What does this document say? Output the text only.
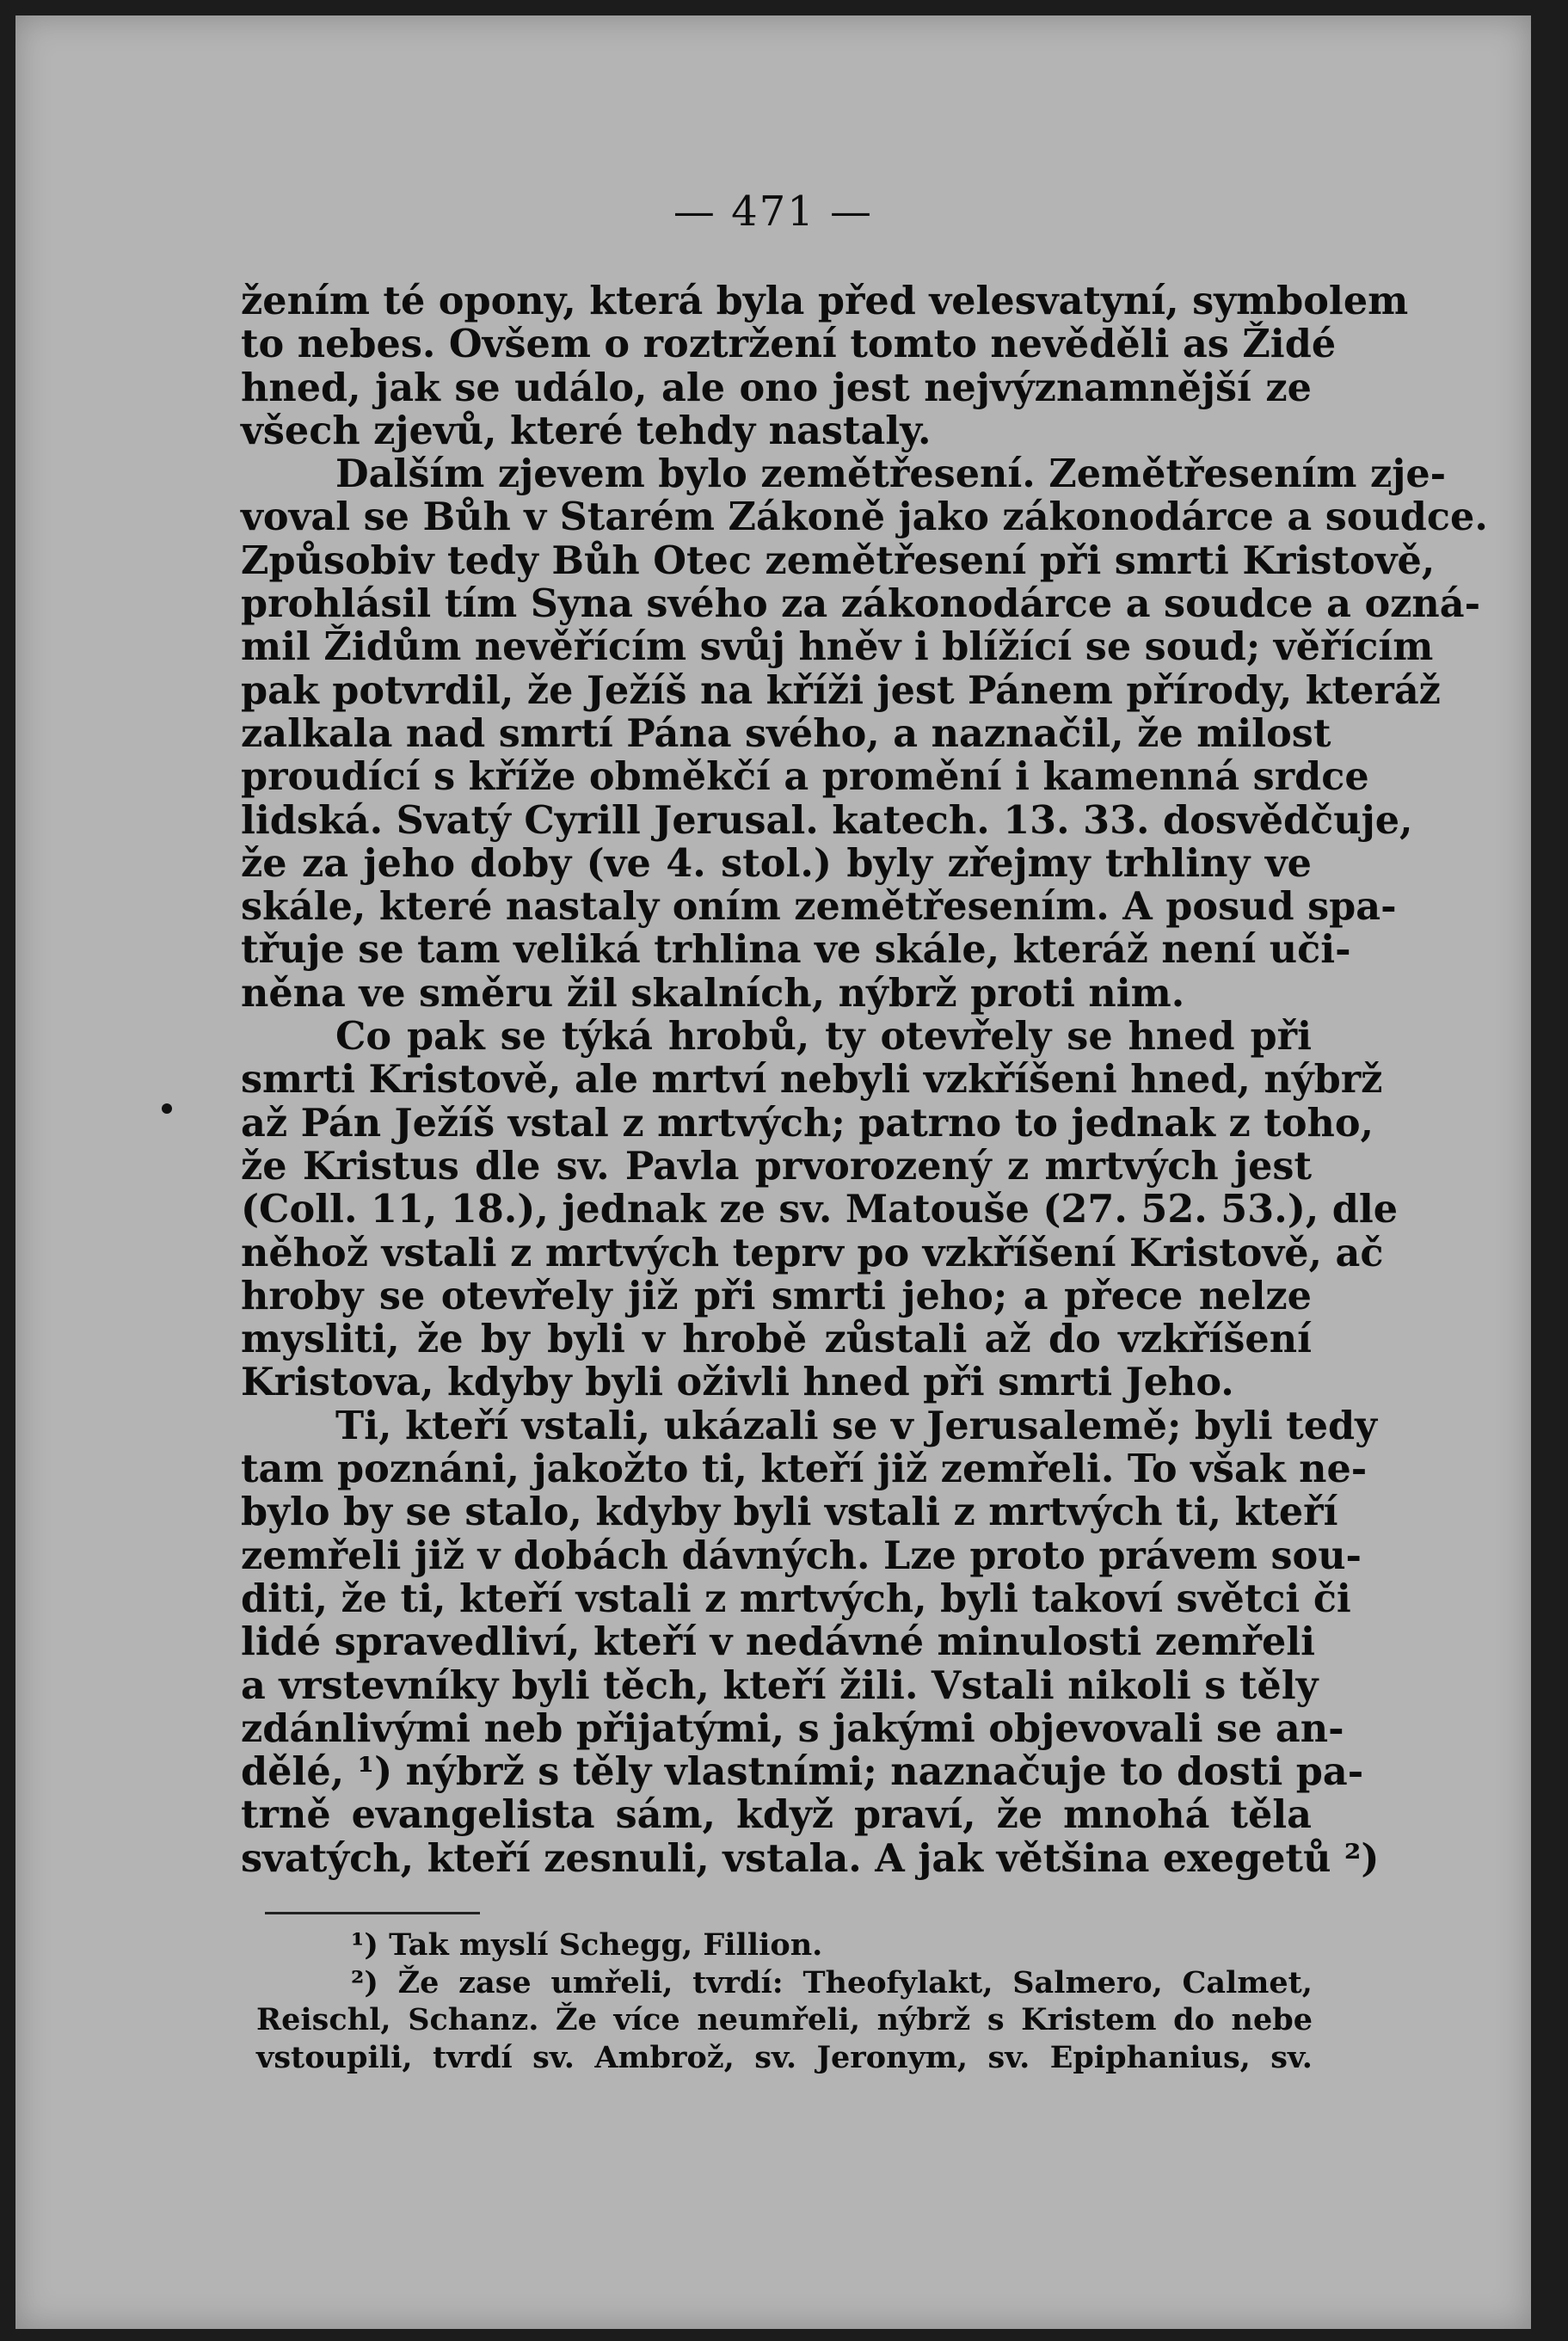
— 471 —
žením té opony, která byla před velesvatyní, symbolem
to nebes. Ovšem o roztržení tomto nevěděli as Židé
hned, jak se událo, ale ono jest nejvýznamnější ze
všech zjevů, které tehdy nastaly.
Dalším zjevem bylo zemětřesení. Zemětřesením zje-
voval se Bůh v Starém Zákoně jako zákonodárce a soudce.
Způsobiv tedy Bůh Otec zemětřesení při smrti Kristově,
prohlásil tím Syna svého za zákonodárce a soudce a ozná-
mil Židům nevěřícím svůj hněv i blížící se soud; věřícím
pak potvrdil, že Ježíš na kříži jest Pánem přírody, kteráž
zalkala nad smrtí Pána svého, a naznačil, že milost
proudící s kříže obměkčí a promění i kamenná srdce
lidská. Svatý Cyrill Jerusal. katech. 13. 33. dosvědčuje,
že za jeho doby (ve 4. stol.) byly zřejmy trhliny ve
skále, které nastaly oním zemětřesením. A posud spa-
třuje se tam veliká trhlina ve skále, kteráž není uči-
něna ve směru žil skalních, nýbrž proti nim.
Co pak se týká hrobů, ty otevřely se hned při
smrti Kristově, ale mrtví nebyli vzkříšeni hned, nýbrž
až Pán Ježíš vstal z mrtvých; patrno to jednak z toho,
že Kristus dle sv. Pavla prvorozený z mrtvých jest
(Coll. 11, 18.), jednak ze sv. Matouše (27. 52. 53.), dle
něhož vstali z mrtvých teprv po vzkříšení Kristově, ač
hroby se otevřely již při smrti jeho; a přece nelze
mysliti, že by byli v hrobě zůstali až do vzkříšení
Kristova, kdyby byli oživli hned při smrti Jeho.
Ti, kteří vstali, ukázali se v Jerusalemě; byli tedy
tam poznáni, jakožto ti, kteří již zemřeli. To však ne-
bylo by se stalo, kdyby byli vstali z mrtvých ti, kteří
zemřeli již v dobách dávných. Lze proto právem sou-
diti, že ti, kteří vstali z mrtvých, byli takoví světci či
lidé spravedliví, kteří v nedávné minulosti zemřeli
a vrstevníky byli těch, kteří žili. Vstali nikoli s těly
zdánlivými neb přijatými, s jakými objevovali se an-
dělé, ¹) nýbrž s těly vlastními; naznačuje to dosti pa-
trně evangelista sám, když praví, že mnohá těla
svatých, kteří zesnuli, vstala. A jak většina exegetů ²)
¹) Tak myslí Schegg, Fillion.
²) Že zase umřeli, tvrdí: Theofylakt, Salmero, Calmet,
Reischl, Schanz. Že více neumřeli, nýbrž s Kristem do nebe
vstoupili, tvrdí sv. Ambrož, sv. Jeronym, sv. Epiphanius, sv.
